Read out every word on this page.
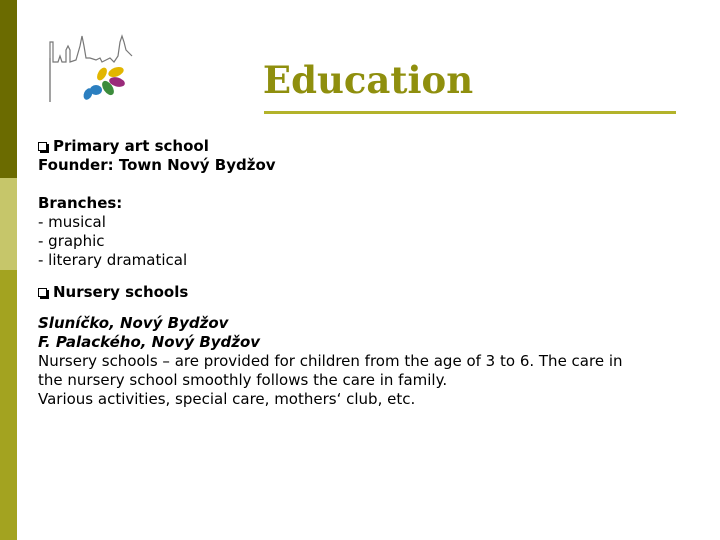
Education
Primary art school
Founder: Town Nový Bydžov
Branches:
- musical
- graphic
- literary dramatical
Nursery schools
Sluníčko, Nový Bydžov
F. Palackého, Nový Bydžov
Nursery schools – are provided for children from the age of 3 to 6. The care in
the nursery school smoothly follows the care in family.
Various activities, special care, mothers‘ club, etc.
